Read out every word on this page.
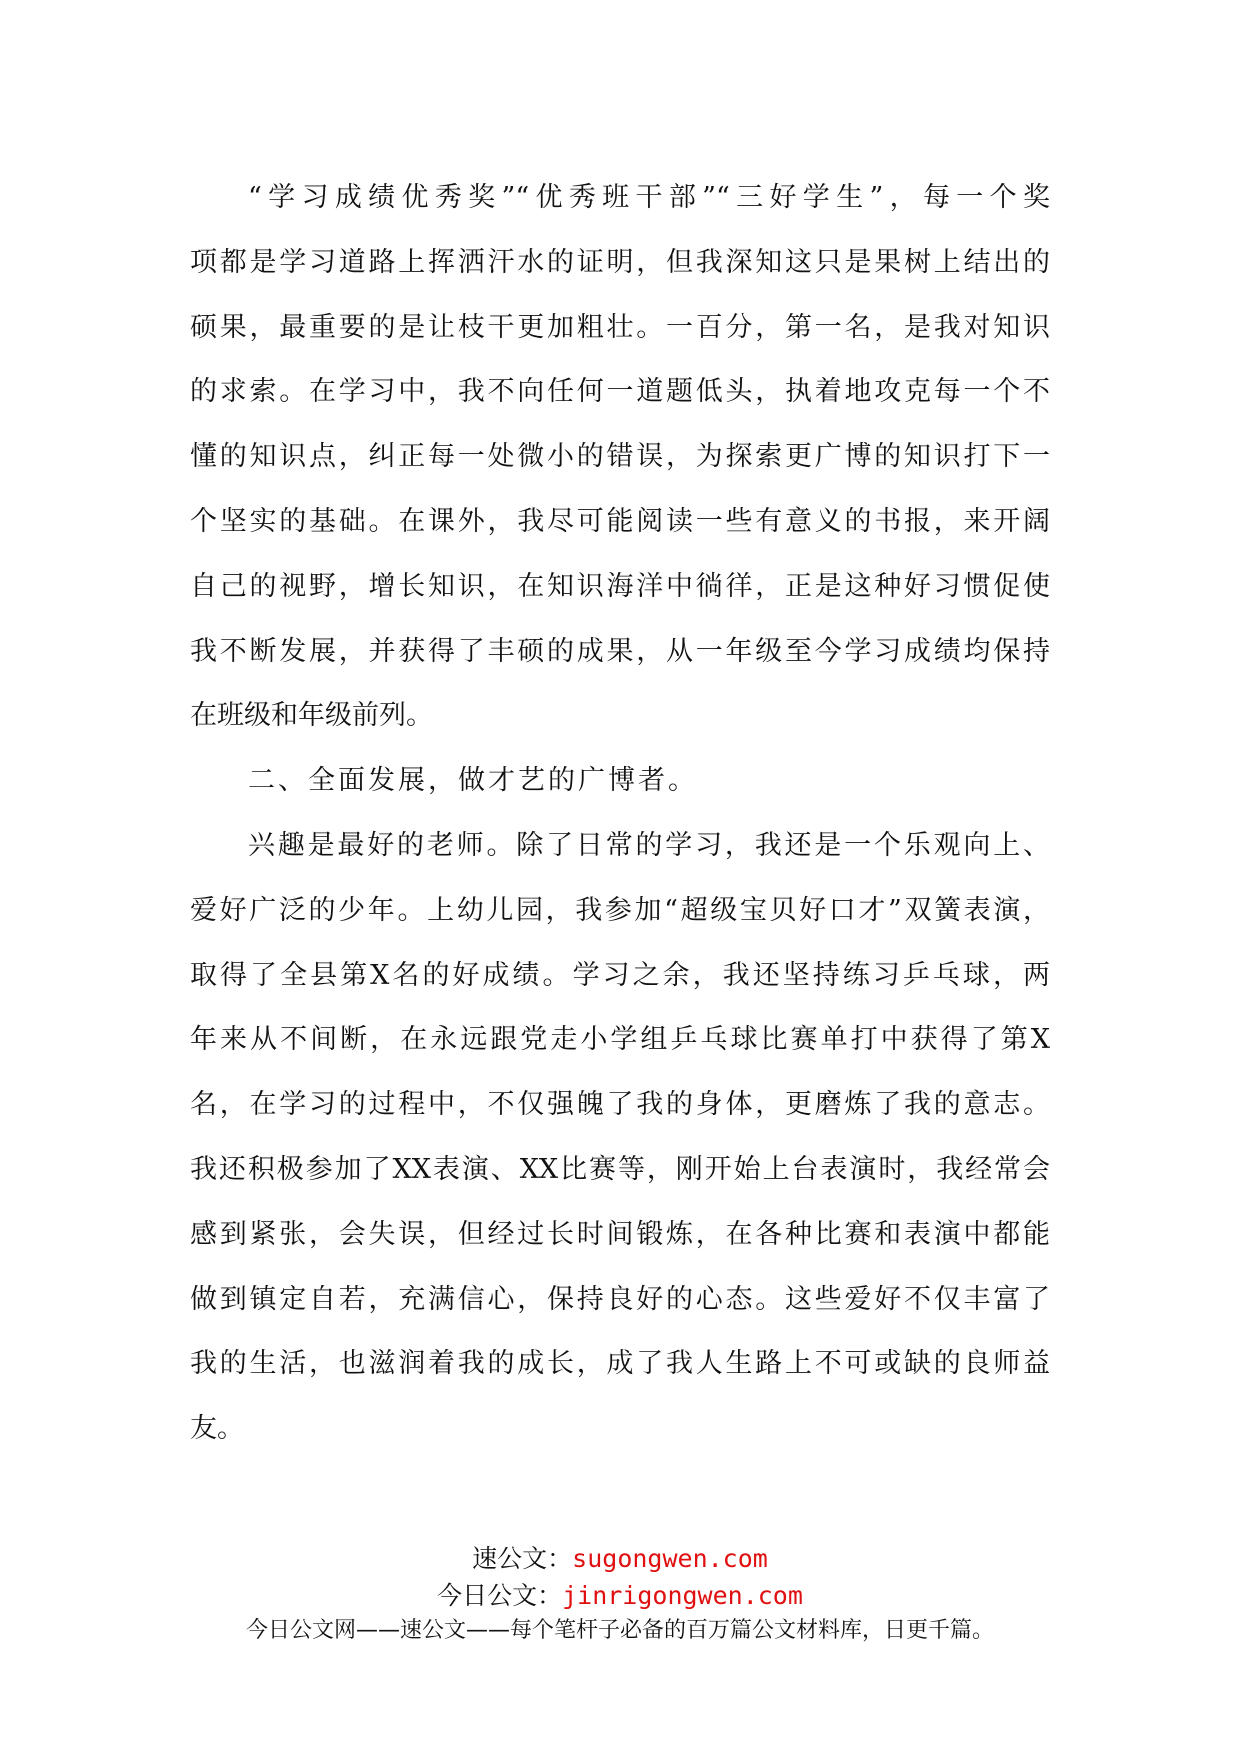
“学习成绩优秀奖”“优秀班干部”“三好学生”，每一个奖
项都是学习道路上挥洒汗水的证明，但我深知这只是果树上结出的
硕果，最重要的是让枝干更加粗壮。一百分，第一名，是我对知识
的求索。在学习中，我不向任何一道题低头，执着地攻克每一个不
懂的知识点，纠正每一处微小的错误，为探索更广博的知识打下一
个坚实的基础。在课外，我尽可能阅读一些有意义的书报，来开阔
自己的视野，增长知识，在知识海洋中徜徉，正是这种好习惯促使
我不断发展，并获得了丰硕的成果，从一年级至今学习成绩均保持
在班级和年级前列。
二、全面发展，做才艺的广博者。
兴趣是最好的老师。除了日常的学习，我还是一个乐观向上、
爱好广泛的少年。上幼儿园，我参加“超级宝贝好口才”双簧表演，
取得了全县第X名的好成绩。学习之余，我还坚持练习乒乓球，两
年来从不间断，在永远跟党走小学组乒乓球比赛单打中获得了第X
名，在学习的过程中，不仅强魄了我的身体，更磨炼了我的意志。
我还积极参加了XX表演、XX比赛等，刚开始上台表演时，我经常会
感到紧张，会失误，但经过长时间锻炼，在各种比赛和表演中都能
做到镇定自若，充满信心，保持良好的心态。这些爱好不仅丰富了
我的生活，也滋润着我的成长，成了我人生路上不可或缺的良师益
友。
速公文：sugongwen.com
今日公文：jinrigongwen.com
今日公文网——速公文——每个笔杆子必备的百万篇公文材料库，日更千篇。
